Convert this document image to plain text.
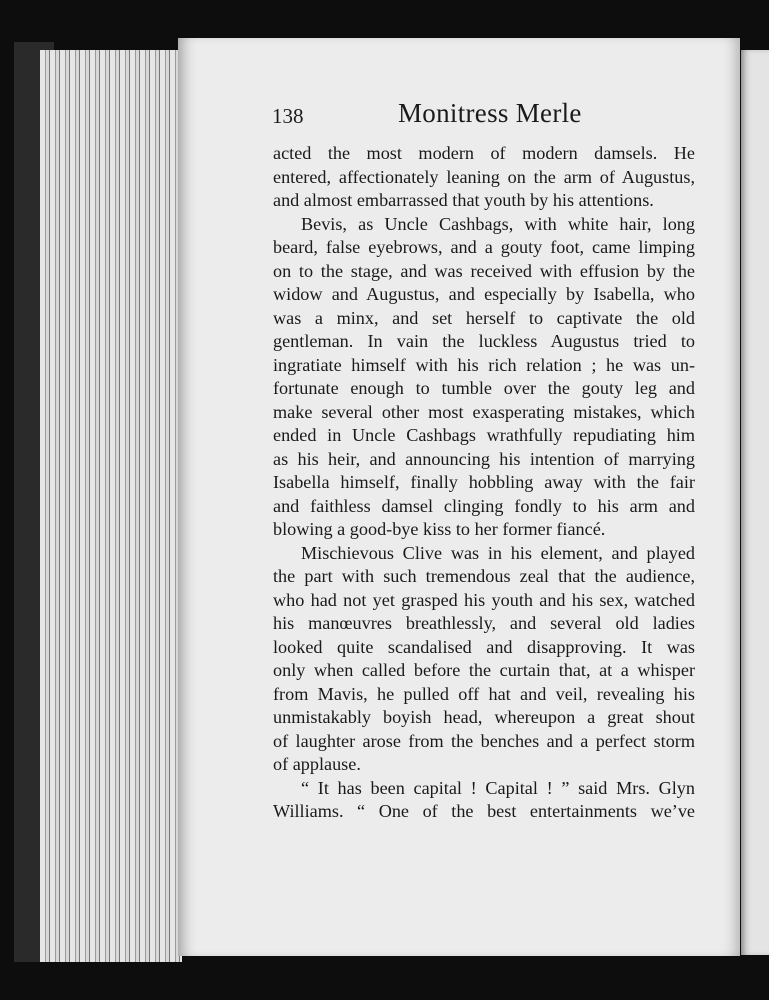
138	Monitress Merle
acted the most modern of modern damsels. He
entered, affectionately leaning on the arm of Augustus,
and almost embarrassed that youth by his attentions.
Bevis, as Uncle Cashbags, with white hair, long
beard, false eyebrows, and a gouty foot, came limping
on to the stage, and was received with effusion by the
widow and Augustus, and especially by Isabella, who
was a minx, and set herself to captivate the old
gentleman. In vain the luckless Augustus tried to
ingratiate himself with his rich relation ; he was un-
fortunate enough to tumble over the gouty leg and
make several other most exasperating mistakes, which
ended in Uncle Cashbags wrathfully repudiating him
as his heir, and announcing his intention of marrying
Isabella himself, finally hobbling away with the fair
and faithless damsel clinging fondly to his arm and
blowing a good-bye kiss to her former fiancé.
Mischievous Clive was in his element, and played
the part with such tremendous zeal that the audience,
who had not yet grasped his youth and his sex, watched
his manœuvres breathlessly, and several old ladies
looked quite scandalised and disapproving. It was
only when called before the curtain that, at a whisper
from Mavis, he pulled off hat and veil, revealing his
unmistakably boyish head, whereupon a great shout
of laughter arose from the benches and a perfect storm
of applause.
“ It has been capital ! Capital ! ” said Mrs. Glyn
Williams. “ One of the best entertainments we’ve
